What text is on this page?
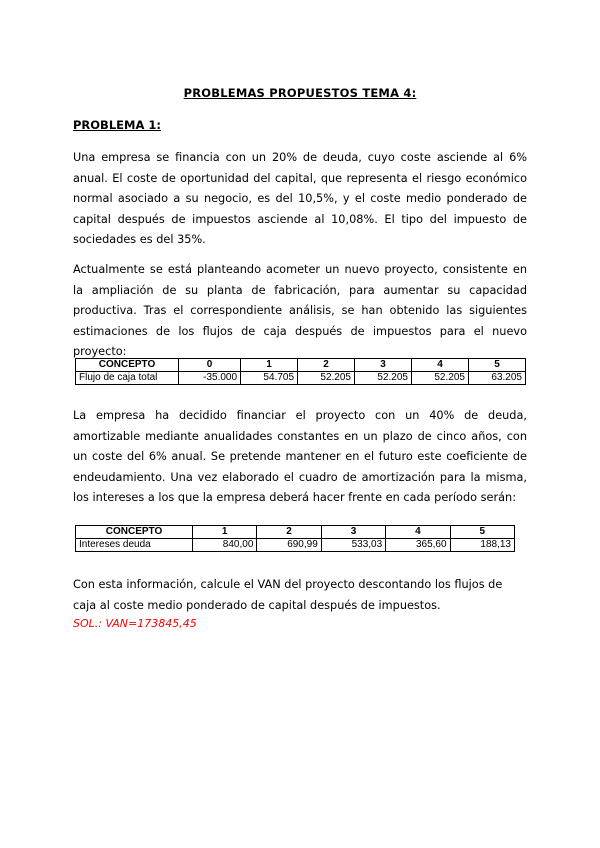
PROBLEMAS PROPUESTOS TEMA 4:
PROBLEMA 1:
Una empresa se financia con un 20% de deuda, cuyo coste asciende al 6% anual. El coste de oportunidad del capital, que representa el riesgo económico normal asociado a su negocio, es del 10,5%, y el coste medio ponderado de capital después de impuestos asciende al 10,08%. El tipo del impuesto de sociedades es del 35%.
Actualmente se está planteando acometer un nuevo proyecto, consistente en la ampliación de su planta de fabricación, para aumentar su capacidad productiva. Tras el correspondiente análisis, se han obtenido las siguientes estimaciones de los flujos de caja después de impuestos para el nuevo proyecto:
CONCEPTO	0	1	2	3	4	5
Flujo de caja total	-35.000	54.705	52.205	52.205	52.205	63.205
La empresa ha decidido financiar el proyecto con un 40% de deuda, amortizable mediante anualidades constantes en un plazo de cinco años, con un coste del 6% anual. Se pretende mantener en el futuro este coeficiente de endeudamiento. Una vez elaborado el cuadro de amortización para la misma, los intereses a los que la empresa deberá hacer frente en cada período serán:
CONCEPTO	1	2	3	4	5
Intereses deuda	840,00	690,99	533,03	365,60	188,13
Con esta información, calcule el VAN del proyecto descontando los flujos de caja al coste medio ponderado de capital después de impuestos.
SOL.: VAN=173845,45
